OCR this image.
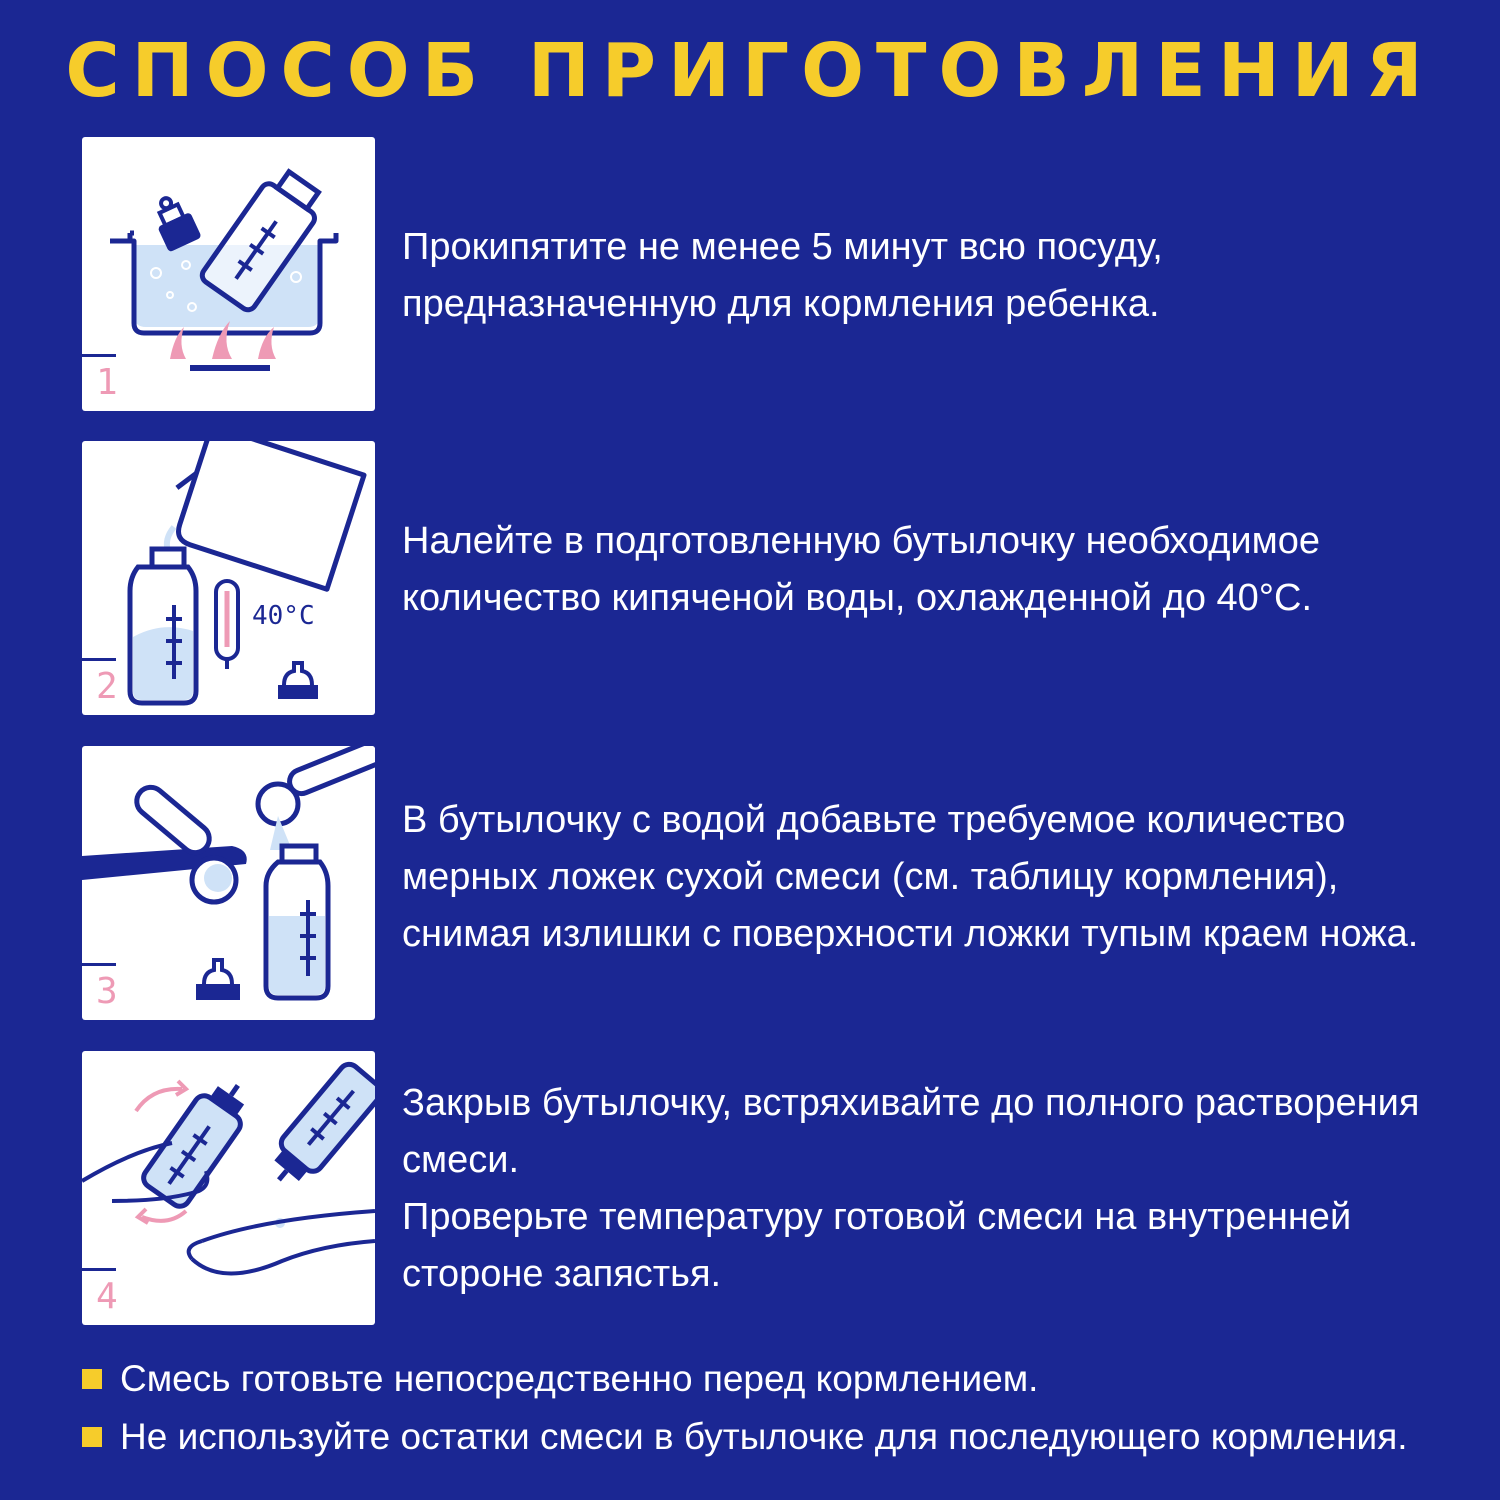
СПОСОБ ПРИГОТОВЛЕНИЯ
1

Прокипятите не менее 5 минут всю посуду,

предназначенную для кормления ребенка.

40°C
2

Налейте в подготовленную бутылочку необходимое

количество кипяченой воды, охлажденной до 40°С.

3

В бутылочку с водой добавьте требуемое количество

мерных ложек сухой смеси (см. таблицу кормления),

снимая излишки с поверхности ложки тупым краем ножа.

4

Закрыв бутылочку, встряхивайте до полного растворения

смеси.

Проверьте температуру готовой смеси на внутренней

стороне запястья.

Смесь готовьте непосредственно перед кормлением.
Не используйте остатки смеси в бутылочке для последующего кормления.
